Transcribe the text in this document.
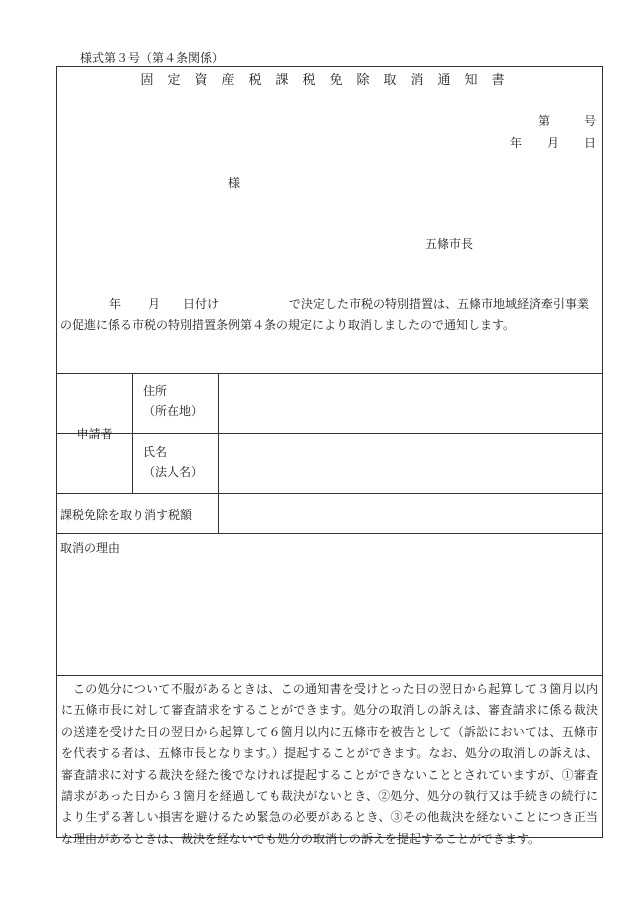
様式第３号（第４条関係）
固定資産税課税免除取消通知書
第	号
年 月 日
様
五條市長
年 月 日付け	で決定した市税の特別措置は、五條市地域経済牽引事業
の促進に係る市税の特別措置条例第４条の規定により取消しましたので通知します。
申請者
住所
（所在地）
氏名
（法人名）
課税免除を取り消す税額
取消の理由
この処分について不服があるときは、この通知書を受けとった日の翌日から起算して３箇月以内に五條市長に対して審査請求をすることができます。処分の取消しの訴えは、審査請求に係る裁決の送達を受けた日の翌日から起算して６箇月以内に五條市を被告として（訴訟においては、五條市を代表する者は、五條市長となります。）提起することができます。なお、処分の取消しの訴えは、審査請求に対する裁決を経た後でなければ提起することができないこととされていますが、①審査請求があった日から３箇月を経過しても裁決がないとき、②処分、処分の執行又は手続きの続行により生ずる著しい損害を避けるため緊急の必要があるとき、③その他裁決を経ないことにつき正当な理由があるときは、裁決を経ないでも処分の取消しの訴えを提起することができます。
